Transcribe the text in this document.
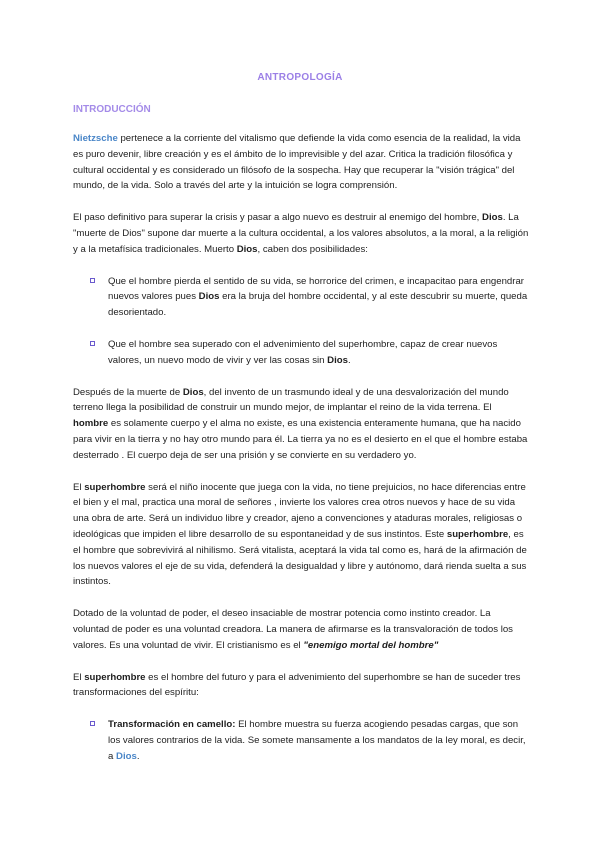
ANTROPOLOGÍA
INTRODUCCIÓN

Nietzsche pertenece a la corriente del vitalismo que defiende la vida como esencia de la realidad, la vida es puro devenir, libre creación y es el ámbito de lo imprevisible y del azar. Critica la tradición filosófica y cultural occidental y es considerado un filósofo de la sospecha. Hay que recuperar la "visión trágica" del mundo, de la vida. Solo a través del arte y la intuición se logra comprensión.

El paso definitivo para superar la crisis y pasar a algo nuevo es destruir al enemigo del hombre, Dios. La "muerte de Dios" supone dar muerte a la cultura occidental, a los valores absolutos, a la moral, a la religión y a la metafísica tradicionales. Muerto Dios, caben dos posibilidades:

Que el hombre pierda el sentido de su vida, se horrorice del crimen, e incapacitao para engendrar nuevos valores pues Dios era la bruja del hombre occidental, y al este descubrir su muerte, queda desorientado.
Que el hombre sea superado con el advenimiento del superhombre, capaz de crear nuevos valores, un nuevo modo de vivir y ver las cosas sin Dios.

Después de la muerte de Dios, del invento de un trasmundo ideal y de una desvalorización del mundo terreno llega la posibilidad de construir un mundo mejor, de implantar el reino de la vida terrena. El hombre es solamente cuerpo y el alma no existe, es una existencia enteramente humana, que ha nacido para vivir en la tierra y no hay otro mundo para él. La tierra ya no es el desierto en el que el hombre estaba desterrado . El cuerpo deja de ser una prisión y se convierte en su verdadero yo.

El superhombre será el niño inocente que juega con la vida, no tiene prejuicios, no hace diferencias entre el bien y el mal, practica una moral de señores , invierte los valores crea otros nuevos y hace de su vida una obra de arte. Será un individuo libre y creador, ajeno a convenciones y ataduras morales, religiosas o ideológicas que impiden el libre desarrollo de su espontaneidad y de sus instintos. Este superhombre, es el hombre que sobrevivirá al nihilismo. Será vitalista, aceptará la vida tal como es, hará de la afirmación de los nuevos valores el eje de su vida, defenderá la desigualdad y libre y autónomo, dará rienda suelta a sus instintos.

Dotado de la voluntad de poder, el deseo insaciable de mostrar potencia como instinto creador. La voluntad de poder es una voluntad creadora. La manera de afirmarse es la transvaloración de todos los valores. Es una voluntad de vivir. El cristianismo es el "enemigo mortal del hombre"

El superhombre es el hombre del futuro y para el advenimiento del superhombre se han de suceder tres transformaciones del espíritu:

Transformación en camello: El hombre muestra su fuerza acogiendo pesadas cargas, que son los valores contrarios de la vida. Se somete mansamente a los mandatos de la ley moral, es decir, a Dios.
